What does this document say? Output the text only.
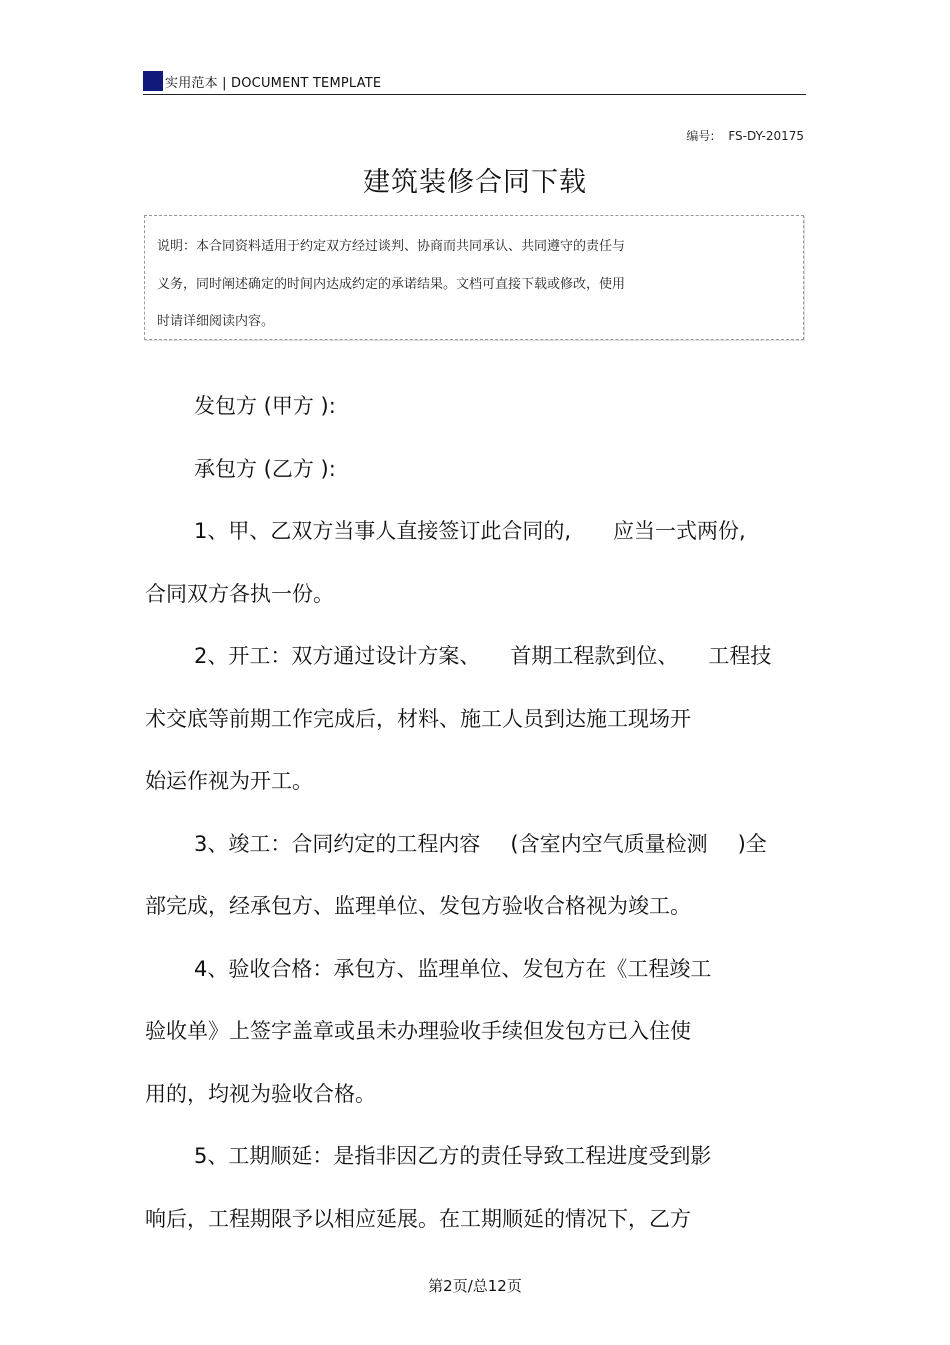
实用范本 | DOCUMENT TEMPLATE
编号: FS-DY-20175
建筑装修合同下载
说明：本合同资料适用于约定双方经过谈判、协商而共同承认、共同遵守的责任与
义务，同时阐述确定的时间内达成约定的承诺结果。文档可直接下载或修改，使用
时请详细阅读内容。

发包方 (甲方 ):

承包方 (乙方 ):

1、甲、乙双方当事人直接签订此合同的, 应当一式两份,

合同双方各执一份。

2、开工：双方通过设计方案、 首期工程款到位、 工程技

术交底等前期工作完成后，材料、施工人员到达施工现场开

始运作视为开工。

3、竣工：合同约定的工程内容 (含室内空气质量检测 )全

部完成，经承包方、监理单位、发包方验收合格视为竣工。

4、验收合格：承包方、监理单位、发包方在《工程竣工

验收单》上签字盖章或虽未办理验收手续但发包方已入住使

用的，均视为验收合格。

5、工期顺延：是指非因乙方的责任导致工程进度受到影

响后，工程期限予以相应延展。在工期顺延的情况下，乙方

第2页/总12页
